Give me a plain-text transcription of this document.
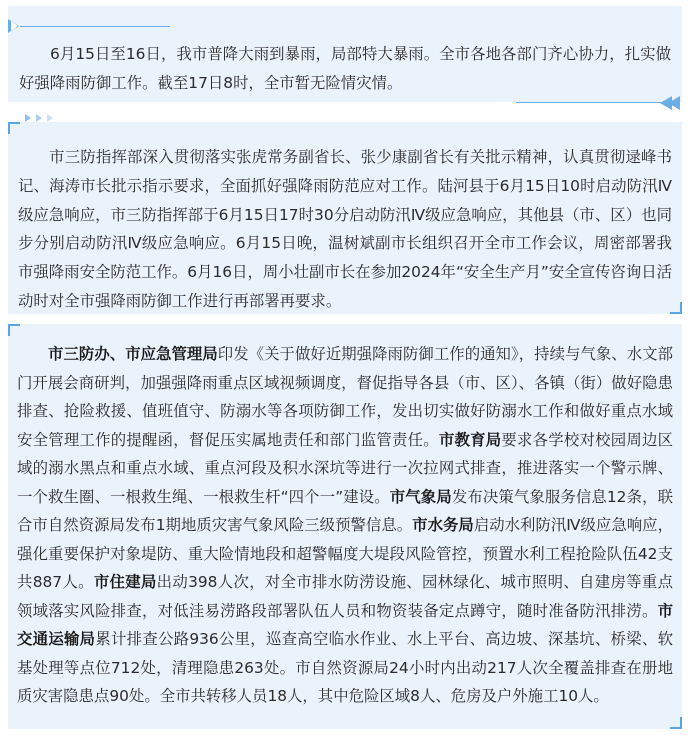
6月15日至16日，我市普降大雨到暴雨，局部特大暴雨。全市各地各部门齐心协力，扎实做好强降雨防御工作。截至17日8时，全市暂无险情灾情。

市三防指挥部深入贯彻落实张虎常务副省长、张少康副省长有关批示精神，认真贯彻逯峰书记、海涛市长批示指示要求，全面抓好强降雨防范应对工作。陆河县于6月15日10时启动防汛Ⅳ级应急响应，市三防指挥部于6月15日17时30分启动防汛Ⅳ级应急响应，其他县（市、区）也同步分别启动防汛Ⅳ级应急响应。6月15日晚，温树斌副市长组织召开全市工作会议，周密部署我市强降雨安全防范工作。6月16日，周小壮副市长在参加2024年“安全生产月”安全宣传咨询日活动时对全市强降雨防御工作进行再部署再要求。

市三防办、市应急管理局印发《关于做好近期强降雨防御工作的通知》，持续与气象、水文部门开展会商研判，加强强降雨重点区域视频调度，督促指导各县（市、区）、各镇（街）做好隐患排查、抢险救援、值班值守、防溺水等各项防御工作，发出切实做好防溺水工作和做好重点水域安全管理工作的提醒函，督促压实属地责任和部门监管责任。市教育局要求各学校对校园周边区域的溺水黑点和重点水域、重点河段及积水深坑等进行一次拉网式排查，推进落实一个警示牌、一个救生圈、一根救生绳、一根救生杆“四个一”建设。市气象局发布决策气象服务信息12条，联合市自然资源局发布1期地质灾害气象风险三级预警信息。市水务局启动水利防汛Ⅳ级应急响应，强化重要保护对象堤防、重大险情地段和超警幅度大堤段风险管控，预置水利工程抢险队伍42支共887人。市住建局出动398人次，对全市排水防涝设施、园林绿化、城市照明、自建房等重点领域落实风险排查，对低洼易涝路段部署队伍人员和物资装备定点蹲守，随时准备防汛排涝。市交通运输局累计排查公路936公里，巡查高空临水作业、水上平台、高边坡、深基坑、桥梁、软基处理等点位712处，清理隐患263处。市自然资源局24小时内出动217人次全覆盖排查在册地质灾害隐患点90处。全市共转移人员18人，其中危险区域8人、危房及户外施工10人。
